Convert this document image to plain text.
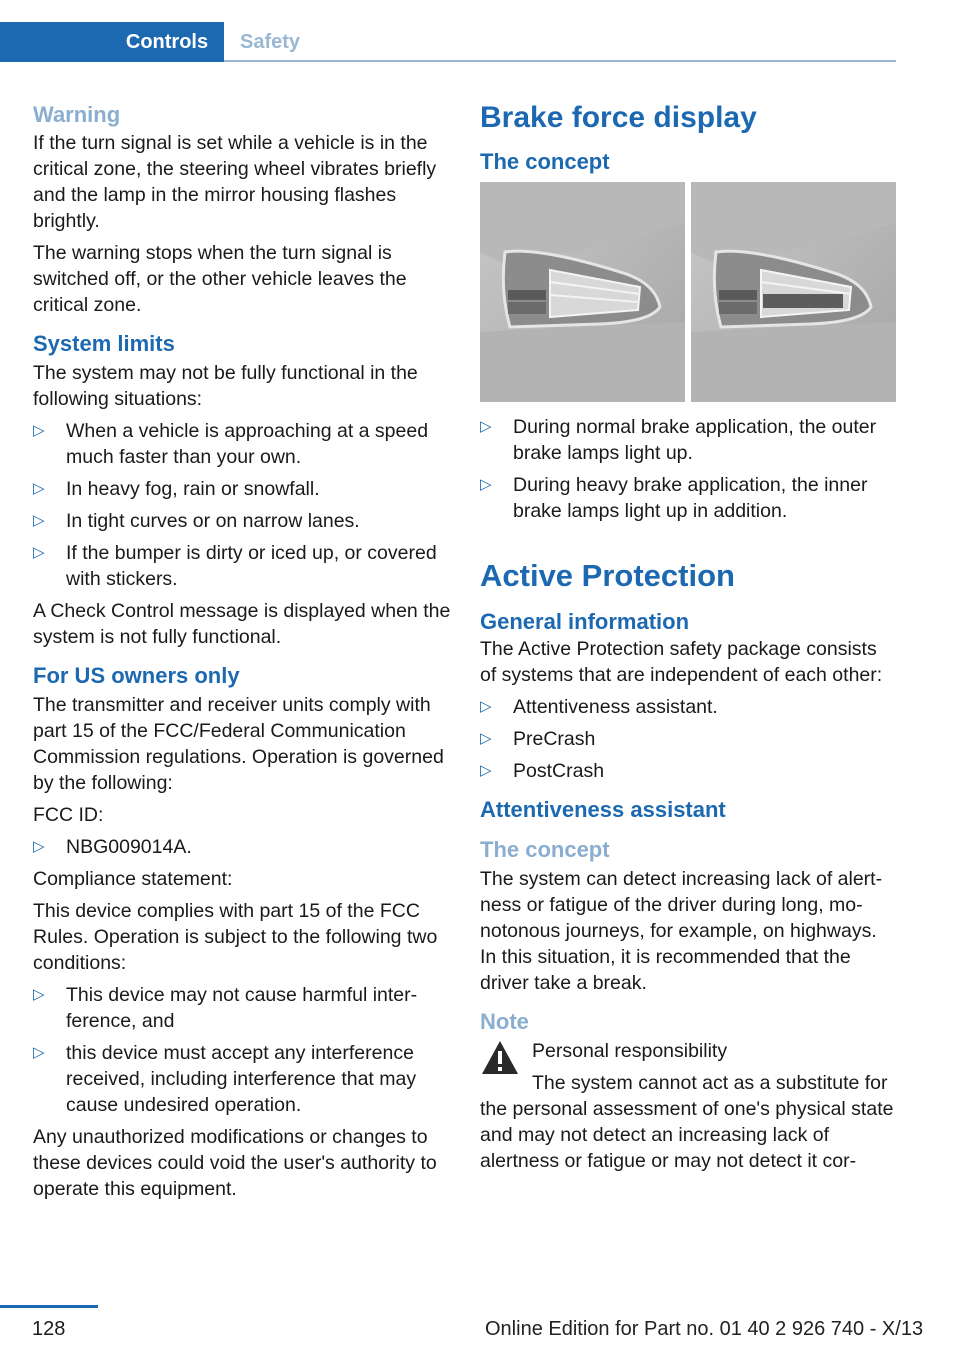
Controls	Safety
Warning

If the turn signal is set while a vehicle is in the critical zone, the steering wheel vibrates briefly and the lamp in the mirror housing flashes brightly.

The warning stops when the turn signal is switched off, or the other vehicle leaves the critical zone.

System limits

The system may not be fully functional in the following situations:

▷ When a vehicle is approaching at a speed much faster than your own.
▷ In heavy fog, rain or snowfall.
▷ In tight curves or on narrow lanes.
▷ If the bumper is dirty or iced up, or covered with stickers.

A Check Control message is displayed when the system is not fully functional.

For US owners only

The transmitter and receiver units comply with part 15 of the FCC/Federal Communication Commission regulations. Operation is governed by the following:

FCC ID:

▷ NBG009014A.

Compliance statement:

This device complies with part 15 of the FCC Rules. Operation is subject to the following two conditions:

▷ This device may not cause harmful interference, and
▷ this device must accept any interference received, including interference that may cause undesired operation.

Any unauthorized modifications or changes to these devices could void the user's authority to operate this equipment.

Brake force display
The concept
▷ During normal brake application, the outer brake lamps light up.
▷ During heavy brake application, the inner brake lamps light up in addition.
Active Protection
General information

The Active Protection safety package consists of systems that are independent of each other:

▷ Attentiveness assistant.
▷ PreCrash
▷ PostCrash
Attentiveness assistant
The concept

The system can detect increasing lack of alertness or fatigue of the driver during long, monotonous journeys, for example, on highways. In this situation, it is recommended that the driver take a break.

Note

Personal responsibility

The system cannot act as a substitute for

the personal assessment of one's physical state and may not detect an increasing lack of alertness or fatigue or may not detect it cor-

128	Online Edition for Part no. 01 40 2 926 740 - X/13
